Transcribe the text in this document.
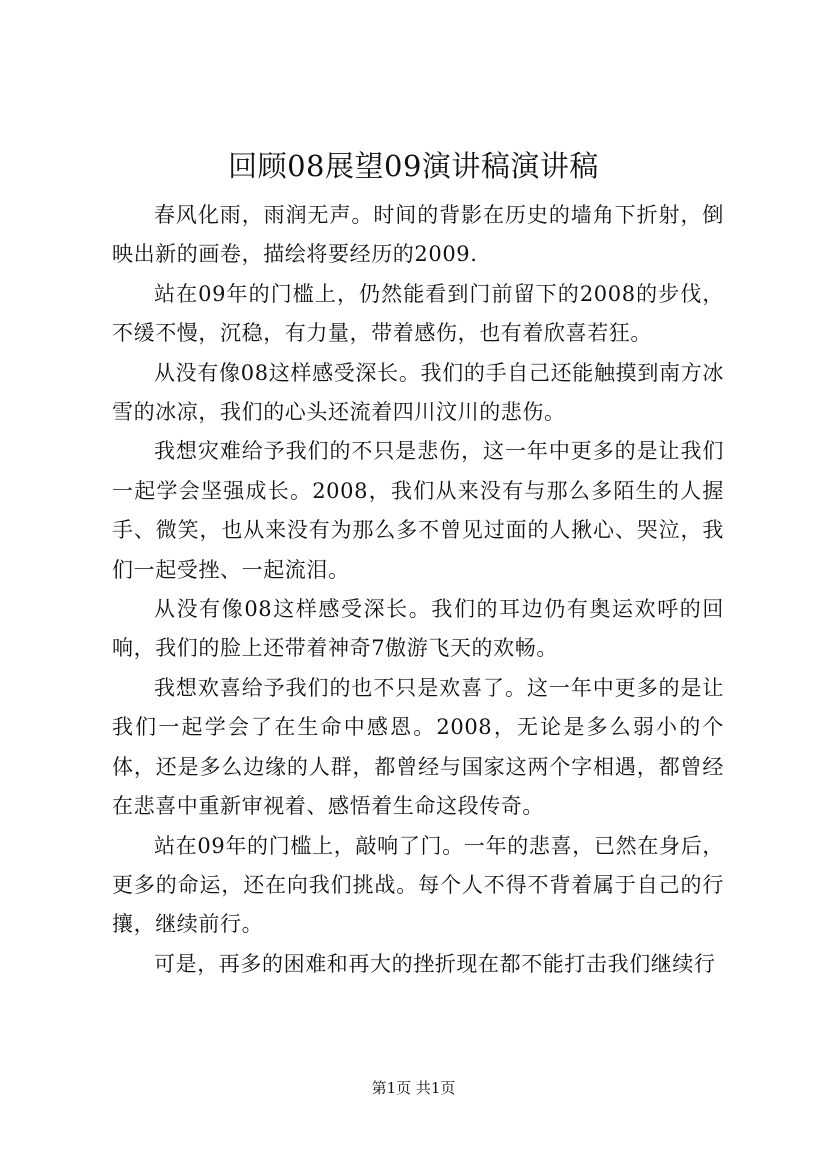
回顾08展望09演讲稿演讲稿

春风化雨，雨润无声。时间的背影在历史的墙角下折射，倒映出新的画卷，描绘将要经历的2009.

站在09年的门槛上，仍然能看到门前留下的2008的步伐，不缓不慢，沉稳，有力量，带着感伤，也有着欣喜若狂。

从没有像08这样感受深长。我们的手自己还能触摸到南方冰雪的冰凉，我们的心头还流着四川汶川的悲伤。

我想灾难给予我们的不只是悲伤，这一年中更多的是让我们一起学会坚强成长。2008，我们从来没有与那么多陌生的人握手、微笑，也从来没有为那么多不曾见过面的人揪心、哭泣，我们一起受挫、一起流泪。

从没有像08这样感受深长。我们的耳边仍有奥运欢呼的回响，我们的脸上还带着神奇7傲游飞天的欢畅。

我想欢喜给予我们的也不只是欢喜了。这一年中更多的是让我们一起学会了在生命中感恩。2008，无论是多么弱小的个体，还是多么边缘的人群，都曾经与国家这两个字相遇，都曾经在悲喜中重新审视着、感悟着生命这段传奇。

站在09年的门槛上，敲响了门。一年的悲喜，已然在身后，更多的命运，还在向我们挑战。每个人不得不背着属于自己的行攘，继续前行。

可是，再多的困难和再大的挫折现在都不能打击我们继续行

第1页 共1页
